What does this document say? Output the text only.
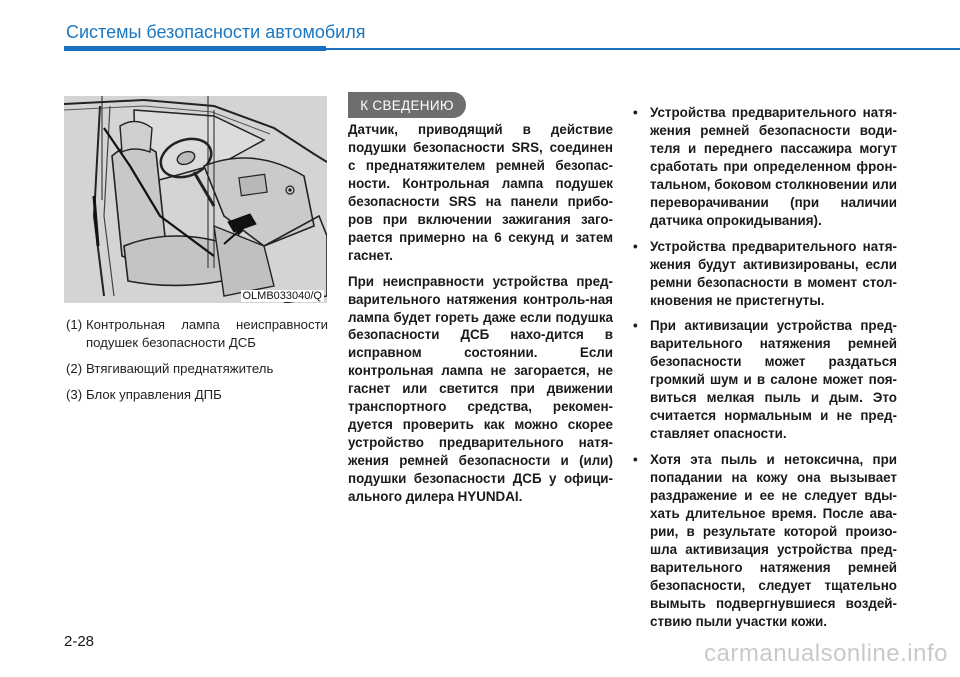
Системы безопасности автомобиля
OLMB033040/Q
(1) Контрольная лампа неисправности подушек безопасности ДСБ
(2) Втягивающий преднатяжитель
(3) Блок управления ДПБ
К СВЕДЕНИЮ

Датчик, приводящий в действие подушки безопасности SRS, соединен с преднатяжителем ремней безопас-ности. Контрольная лампа подушек безопасности SRS на панели прибо-ров при включении зажигания заго-рается примерно на 6 секунд и затем гаснет.

При неисправности устройства пред-варительного натяжения контроль-ная лампа будет гореть даже если подушка безопасности ДСБ нахо-дится в исправном состоянии. Если контрольная лампа не загорается, не гаснет или светится при движении транспортного средства, рекомен-дуется проверить как можно скорее устройство предварительного натя-жения ремней безопасности и (или) подушки безопасности ДСБ у офици-ального дилера HYUNDAI.

• Устройства предварительного натя-жения ремней безопасности води-теля и переднего пассажира могут сработать при определенном фрон-тальном, боковом столкновении или переворачивании (при наличии датчика опрокидывания).
• Устройства предварительного натя-жения будут активизированы, если ремни безопасности в момент стол-кновения не пристегнуты.
• При активизации устройства пред-варительного натяжения ремней безопасности может раздаться громкий шум и в салоне может поя-виться мелкая пыль и дым. Это считается нормальным и не пред-ставляет опасности.
• Хотя эта пыль и нетоксична, при попадании на кожу она вызывает раздражение и ее не следует вды-хать длительное время. После ава-рии, в результате которой произо-шла активизация устройства пред-варительного натяжения ремней безопасности, следует тщательно вымыть подвергнувшиеся воздей-ствию пыли участки кожи.
2-28	carmanualsonline.info
